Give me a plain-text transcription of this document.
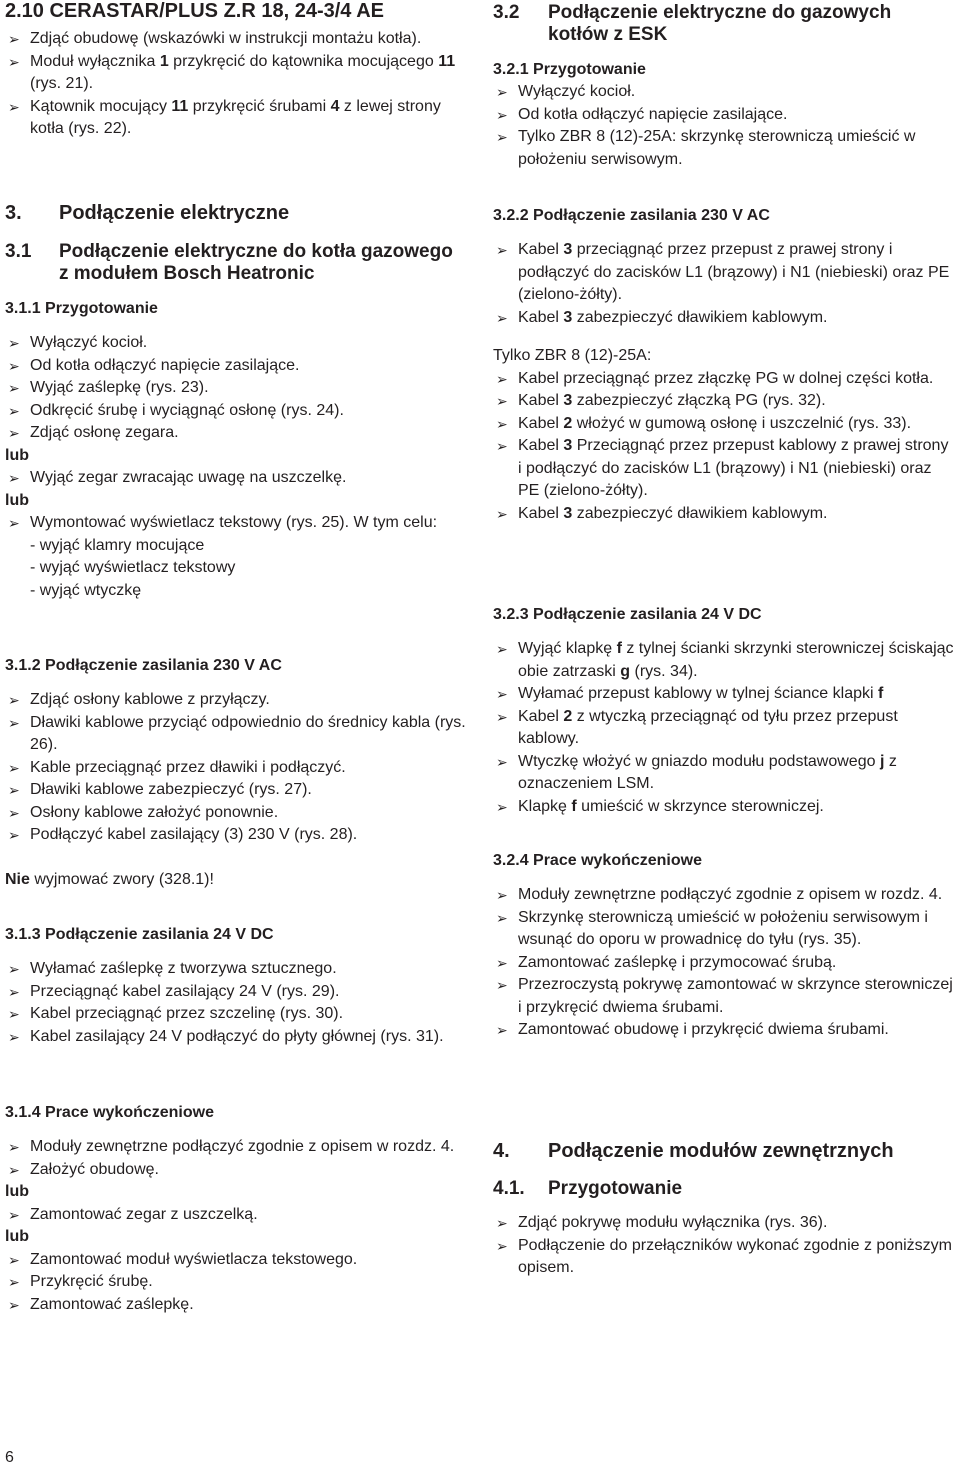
2.10 CERASTAR/PLUS Z.R 18, 24-3/4 AE
➢ Zdjąć obudowę (wskazówki w instrukcji montażu kotła).
➢ Moduł wyłącznika 1 przykręcić do kątownika mocującego 11 (rys. 21).
➢ Kątownik mocujący 11 przykręcić śrubami 4 z lewej strony kotła (rys. 22).
3.	Podłączenie elektryczne
3.1	Podłączenie elektryczne do kotła gazowego z modułem Bosch Heatronic
3.1.1 Przygotowanie
➢ Wyłączyć kocioł.
➢ Od kotła odłączyć napięcie zasilające.
➢ Wyjąć zaślepkę (rys. 23).
➢ Odkręcić śrubę i wyciągnąć osłonę (rys. 24).
➢ Zdjąć osłonę zegara.

lub

➢ Wyjąć zegar zwracając uwagę na uszczelkę.

lub

➢ Wymontować wyświetlacz tekstowy (rys. 25). W tym celu:
- wyjąć klamry mocujące
- wyjąć wyświetlacz tekstowy
- wyjąć wtyczkę
3.1.2 Podłączenie zasilania 230 V AC
➢ Zdjąć osłony kablowe z przyłączy.
➢ Dławiki kablowe przyciąć odpowiednio do średnicy kabla (rys. 26).
➢ Kable przeciągnąć przez dławiki i podłączyć.
➢ Dławiki kablowe zabezpieczyć (rys. 27).
➢ Osłony kablowe założyć ponownie.
➢ Podłączyć kabel zasilający (3) 230 V (rys. 28).

Nie wyjmować zwory (328.1)!

3.1.3 Podłączenie zasilania 24 V DC
➢ Wyłamać zaślepkę z tworzywa sztucznego.
➢ Przeciągnąć kabel zasilający 24 V (rys. 29).
➢ Kabel przeciągnąć przez szczelinę (rys. 30).
➢ Kabel zasilający 24 V podłączyć do płyty głównej (rys. 31).
3.1.4 Prace wykończeniowe
➢ Moduły zewnętrzne podłączyć zgodnie z opisem w rozdz. 4.
➢ Założyć obudowę.

lub

➢ Zamontować zegar z uszczelką.

lub

➢ Zamontować moduł wyświetlacza tekstowego.
➢ Przykręcić śrubę.
➢ Zamontować zaślepkę.
3.2	Podłączenie elektryczne do gazowych kotłów z ESK
3.2.1 Przygotowanie
➢ Wyłączyć kocioł.
➢ Od kotła odłączyć napięcie zasilające.
➢ Tylko ZBR 8 (12)-25A: skrzynkę sterowniczą umieścić w położeniu serwisowym.
3.2.2 Podłączenie zasilania 230 V AC
➢ Kabel 3 przeciągnąć przez przepust z prawej strony i podłączyć do zacisków L1 (brązowy) i N1 (niebieski) oraz PE (zielono-żółty).
➢ Kabel 3 zabezpieczyć dławikiem kablowym.

Tylko ZBR 8 (12)-25A:

➢ Kabel przeciągnąć przez złączkę PG w dolnej części kotła.
➢ Kabel 3 zabezpieczyć złączką PG (rys. 32).
➢ Kabel 2 włożyć w gumową osłonę i uszczelnić (rys. 33).
➢ Kabel 3 Przeciągnąć przez przepust kablowy z prawej strony i podłączyć do zacisków L1 (brązowy) i N1 (niebieski) oraz PE (zielono-żółty).
➢ Kabel 3 zabezpieczyć dławikiem kablowym.
3.2.3 Podłączenie zasilania 24 V DC
➢ Wyjąć klapkę f z tylnej ścianki skrzynki sterowniczej ściskając obie zatrzaski g (rys. 34).
➢ Wyłamać przepust kablowy w tylnej ściance klapki f
➢ Kabel 2 z wtyczką przeciągnąć od tyłu przez przepust kablowy.
➢ Wtyczkę włożyć w gniazdo modułu podstawowego j z oznaczeniem LSM.
➢ Klapkę f umieścić w skrzynce sterowniczej.
3.2.4 Prace wykończeniowe
➢ Moduły zewnętrzne podłączyć zgodnie z opisem w rozdz. 4.
➢ Skrzynkę sterowniczą umieścić w położeniu serwisowym i wsunąć do oporu w prowadnicę do tyłu (rys. 35).
➢ Zamontować zaślepkę i przymocować śrubą.
➢ Przezroczystą pokrywę zamontować w skrzynce sterowniczej i przykręcić dwiema śrubami.
➢ Zamontować obudowę i przykręcić dwiema śrubami.
4.	Podłączenie modułów zewnętrznych
4.1.	Przygotowanie
➢ Zdjąć pokrywę modułu wyłącznika (rys. 36).
➢ Podłączenie do przełączników wykonać zgodnie z poniższym opisem.
6
